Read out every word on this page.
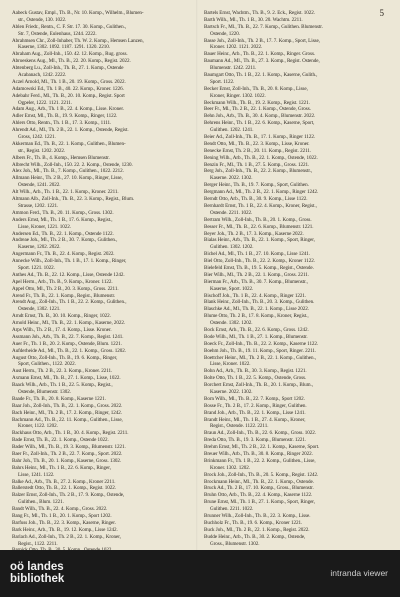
5
Aabeck Gustav, Empl., Th. B., Nr. 10. Komp., Wilhelm., Blumen-
str., Ostende, 130. 1022.
Ablen Friedr., Rentn., C. F. Str. 17. 30. Komp., Gulithen.,
Str. 7, Ostende, Eulenhaus, 1244. 2222.
Abrahmsen Chr., Zoll-Inhaber, Th. W. 2. Komp., Hemsen Lanzen,
Kaserne, 1302. 1092. 1187. 1291. 1320. 2210.
Abraham Aug., Zoll-Inh., 150. 42. 12. Komp., Rug. gross.
Abroeskens Aug., Ml., Th. B., 22. 20. Komp., Regist. 2022.
Abtenberg Lu., Zoll-Inh., Th. B., 27. 1. Komp., Ostende
Acabanach, 1242. 2222.
Aczel Arnold, Ml., Th. 1 B., 20. 19. Komp., Gross. 2022.
Adamowski Ed., Th. 1 B., 40. 22. Komp., Kroner. 1226.
Adebahr Ferd., Ml., Th. B., 20. 10. Komp., Regist. Sport
Ogpeler, 1222. 1121. 2211.
Adam Aug., Arb., Th. 1 B., 22. 4. Komp., Lisse. Kroner.
Adler Ernst, Ml., Th. B., 19. 9. Komp., Ringer, 1122.
Ahlers Otto, Rentn., Th. 1 B., 17. 3. Komp., 1111.
Ahrendt Ad., Ml., Th. 2 B., 22. 1. Komp., Ostende, Regist.
Gross, 1242. 1221.
Akkerman Ed., Th. B., 22. 1. Komp., Gulithen., Blumen-
str., Regist. 1202. 2022.
Albers Fr., Th. B., 4. Komp., Hemsen Blumenstr.
Albrecht Wilh., Zoll-Inh., 150. 22. 2. Komp., Ostende, 1230.
Alex Joh., Ml., Th. B., 7. Komp., Gulithen., 1022. 2212.
Allmann Heinr., Th. 2 B., 27. 10. Komp., Ringer, Lisse,
Ostende, 1241. 2022.
Alt Wilh., Arb., Th. 1 B., 22. 1. Komp., Kroner. 2211.
Altmann Alb., Zoll-Inh., Th. B., 22. 3. Komp., Regist., Blum.
Strasse, 1202. 1221.
Ammon Ferd., Th. B., 20. 11. Komp., Gross. 1302.
Anders Ernst, Ml., Th. 1 B., 17. 6. Komp., Regist.,
Lisse, Kroner, 1221. 1022.
Andersen Ed., Th. B., 22. 1. Komp., Ostende 1122.
Andreae Joh., Ml., Th. 2 B., 30. 7. Komp., Gulithen.,
Kaserne, 1202. 2022.
Angermann Fr., Th. B., 22. 4. Komp., Regist. 2022.
Annecke Wilh., Zoll-Inh., Th. 1 B., 17. 1. Komp., Ringer,
Sport. 1221. 1022.
Anthes Ad., Th. B., 22. 12. Komp., Lisse, Ostende 1242.
Apel Herm., Arb., Th. B., 9. Komp., Kroner. 1122.
Appel Otto, Ml., Th. 2 B., 20. 3. Komp., Gross. 2211.
Arend Fr., Th. B., 22. 1. Komp., Regist., Blumenstr.
Arendt Aug., Zoll-Inh., Th. 1 B., 22. 2. Komp., Gulithen.,
Ostende, 1302. 1221.
Arndt Ernst, Th. B., 30. 10. Komp., Ringer, 1022.
Arnold Heinr., Ml., Th. B., 22. 1. Komp., Kaserne, 2022.
Arps Wilh., Th. 2 B., 17. 4. Komp., Lisse. Kroner.
Assmann Joh., Arb., Th. B., 22. 7. Komp., Regist. 1241.
Auer Fr., Th. 1 B., 20. 2. Komp., Ostende, Blum. 1221.
Aufderheide Ad., Ml., Th. B., 22. 1. Komp., Gross. 1202.
August Otto, Zoll-Inh., Th. B., 19. 6. Komp., Ringer,
Sport, Gulithen., 1122. 2022.
Aust Herm., Th. 2 B., 22. 3. Komp., Kroner. 2211.
Axmann Ernst, Ml., Th. B., 27. 1. Komp., Lisse, 1022.
Baack Wilh., Arb., Th. 1 B., 22. 5. Komp., Regist.,
Ostende, Blumenstr. 1302.
Baade Fr., Th. B., 20. 8. Komp., Kaserne 1221.
Baar Joh., Zoll-Inh., Th. B., 22. 1. Komp., Gross. 2022.
Bach Heinr., Ml., Th. 2 B., 17. 2. Komp., Ringer, 1242.
Bachmann Ad., Th. B., 22. 11. Komp., Gulithen., Lisse,
Kroner, 1122. 1202.
Backhaus Otto, Arb., Th. 1 B., 30. 4. Komp., Regist. 2211.
Bade Ernst, Th. B., 22. 1. Komp., Ostende 1022.
Bader Wilh., Ml., Th. B., 19. 3. Komp., Blumenstr. 1221.
Baer Fr., Zoll-Inh., Th. 2 B., 22. 7. Komp., Sport. 2022.
Bahr Joh., Th. B., 20. 1. Komp., Kaserne, Gross. 1302.
Bahrs Heinr., Ml., Th. 1 B., 22. 6. Komp., Ringer,
Lisse, 1241. 1122.
Balke Ad., Arb., Th. B., 27. 2. Komp., Kroner 2211.
Ballerstedt Otto, Th. B., 22. 1. Komp., Regist. 1022.
Balzer Ernst, Zoll-Inh., Th. 2 B., 17. 9. Komp., Ostende,
Gulithen., Blum. 1221.
Bandt Wilh., Th. B., 22. 4. Komp., Gross. 2022.
Bang Fr., Ml., Th. 1 B., 20. 1. Komp., Sport 1202.
Barfuss Joh., Th. B., 22. 3. Komp., Kaserne, Ringer.
Bark Heinr., Arb., Th. B., 19. 12. Komp., Lisse 1242.
Barlach Ad., Zoll-Inh., Th. 2 B., 22. 1. Komp., Kroner,
Regist., 1122. 2211.
Bartels Ernst, Wachtm., Th. B., 9. 2. Eck., Regist. 1022.
Barth Wilh., Ml., Th. 1 B., 30. 20. Wachtm. 2211.
Bartsch Fr., Ml., Th. B., 22. 7. Komp., Gulithen. Blumenstr.
Ostende, 1220.
Basse Joh., Zoll-Inh., Th. 2 B., 17. 7. Komp., Sport, Lisse,
Kroner. 1202. 1121. 2022.
Bauer Heinr., Arb., Th. B., 22. 1. Komp., Ringer. Gross.
Baumann Ad., Ml., Th. B., 27. 3. Komp., Regist. Ostende,
Blumenstr. 1242. 2211.
Baumgart Otto, Th. 1 B., 22. 1. Komp., Kaserne, Gulith.,
Sport. 1122.
Becker Ernst, Zoll-Inh., Th. B., 20. 8. Komp., Lisse,
Kroner, Ringer. 1302. 1022.
Beckmann Wilh., Th. B., 19. 2. Komp., Regist. 1221.
Beer Fr., Ml., Th. 2 B., 22. 1. Komp., Ostende, Gross.
Behn Joh., Arb., Th. B., 30. 4. Komp., Blumenstr. 2022.
Behrens Heinr., Th. 1 B., 22. 6. Komp., Kaserne, Sport,
Gulithen. 1202. 1241.
Beier Ad., Zoll-Inh., Th. B., 17. 1. Komp., Ringer 1122.
Bendt Otto, Ml., Th. B., 22. 3. Komp., Lisse, Kroner.
Benecke Ernst, Th. 2 B., 20. 11. Komp., Regist. 2211.
Bening Wilh., Arb., Th. B., 22. 1. Komp., Ostende, 1022.
Benzin Fr., Ml., Th. 1 B., 27. 5. Komp., Gross. 1221.
Berg Joh., Zoll-Inh., Th. B., 22. 2. Komp., Blumenstr.,
Kaserne. 2022. 1302.
Berger Heinr., Th. B., 19. 7. Komp., Sport, Gulithen.
Bergmann Ad., Ml., Th. 2 B., 22. 1. Komp., Ringer 1242.
Berndt Otto, Arb., Th. B., 30. 9. Komp., Lisse 1122.
Bernhardt Ernst, Th. 1 B., 22. 4. Komp., Kroner, Regist.,
Ostende. 2211. 1022.
Bertram Wilh., Zoll-Inh., Th. B., 20. 1. Komp., Gross.
Besser Fr., Ml., Th. B., 22. 6. Komp., Blumenstr. 1221.
Beyer Joh., Th. 2 B., 17. 3. Komp., Kaserne 2022.
Bialas Heinr., Arb., Th. B., 22. 1. Komp., Sport, Ringer,
Gulithen. 1302. 1202.
Bichel Ad., Ml., Th. 1 B., 27. 10. Komp., Lisse 1241.
Biel Otto, Zoll-Inh., Th. B., 22. 2. Komp., Kroner 1122.
Bielefeld Ernst, Th. B., 19. 5. Komp., Regist., Ostende.
Bier Wilh., Ml., Th. 2 B., 22. 1. Komp., Gross. 2211.
Bierman Fr., Arb., Th. B., 30. 7. Komp., Blumenstr.,
Kaserne, Sport. 1022.
Bischoff Joh., Th. 1 B., 22. 4. Komp., Ringer 1221.
Blank Heinr., Zoll-Inh., Th. B., 20. 3. Komp., Gulithen.
Blaschke Ad., Ml., Th. B., 22. 1. Komp., Lisse 2022.
Blume Otto, Th. 2 B., 17. 8. Komp., Kroner, Regist.,
Ostende. 1302. 1202.
Bock Ernst, Arb., Th. B., 22. 6. Komp., Gross. 1242.
Bode Wilh., Ml., Th. 1 B., 27. 1. Komp., Blumenstr.
Boeck Fr., Zoll-Inh., Th. B., 22. 2. Komp., Kaserne 1122.
Boehm Joh., Th. B., 19. 11. Komp., Sport, Ringer. 2211.
Boettcher Heinr., Ml., Th. 2 B., 22. 1. Komp., Gulithen.,
Lisse, Kroner. 1022.
Bohn Ad., Arb., Th. B., 30. 3. Komp., Regist. 1221.
Bolte Otto, Th. 1 B., 22. 5. Komp., Ostende, Gross.
Borchert Ernst, Zoll-Inh., Th. B., 20. 1. Komp., Blum.,
Kaserne. 2022. 1302.
Born Wilh., Ml., Th. B., 22. 7. Komp., Sport 1202.
Bosse Fr., Th. 2 B., 17. 2. Komp., Ringer, Gulithen.
Brand Joh., Arb., Th. B., 22. 1. Komp., Lisse 1241.
Brandt Heinr., Ml., Th. 1 B., 27. 4. Komp., Kroner,
Regist., Ostende. 1122. 2211.
Braun Ad., Zoll-Inh., Th. B., 22. 6. Komp., Gross. 1022.
Breda Otto, Th. B., 19. 3. Komp., Blumenstr. 1221.
Brehm Ernst, Ml., Th. 2 B., 22. 1. Komp., Kaserne, Sport.
Breuer Wilh., Arb., Th. B., 30. 8. Komp., Ringer 2022.
Brinkmann Fr., Th. 1 B., 22. 2. Komp., Gulithen., Lisse,
Kroner. 1302. 1202.
Brock Joh., Zoll-Inh., Th. B., 20. 5. Komp., Regist. 1242.
Brockmann Heinr., Ml., Th. B., 22. 1. Komp., Ostende.
Bruck Ad., Th. 2 B., 17. 10. Komp., Gross., Blumenstr.
Bruhn Otto, Arb., Th. B., 22. 4. Komp., Kaserne 1122.
Brune Ernst, Ml., Th. 1 B., 27. 1. Komp., Sport, Ringer,
Gulithen. 2211. 1022.
Brunner Wilh., Zoll-Inh., Th. B., 22. 3. Komp., Lisse.
Buchholz Fr., Th. B., 19. 6. Komp., Kroner 1221.
Buck Joh., Ml., Th. 2 B., 22. 1. Komp., Regist. 2022.
Budde Heinr., Arb., Th. B., 30. 2. Komp., Ostende,
Gross., Blumenstr. 1302.
oö landes
bibliothek	intranda viewer
